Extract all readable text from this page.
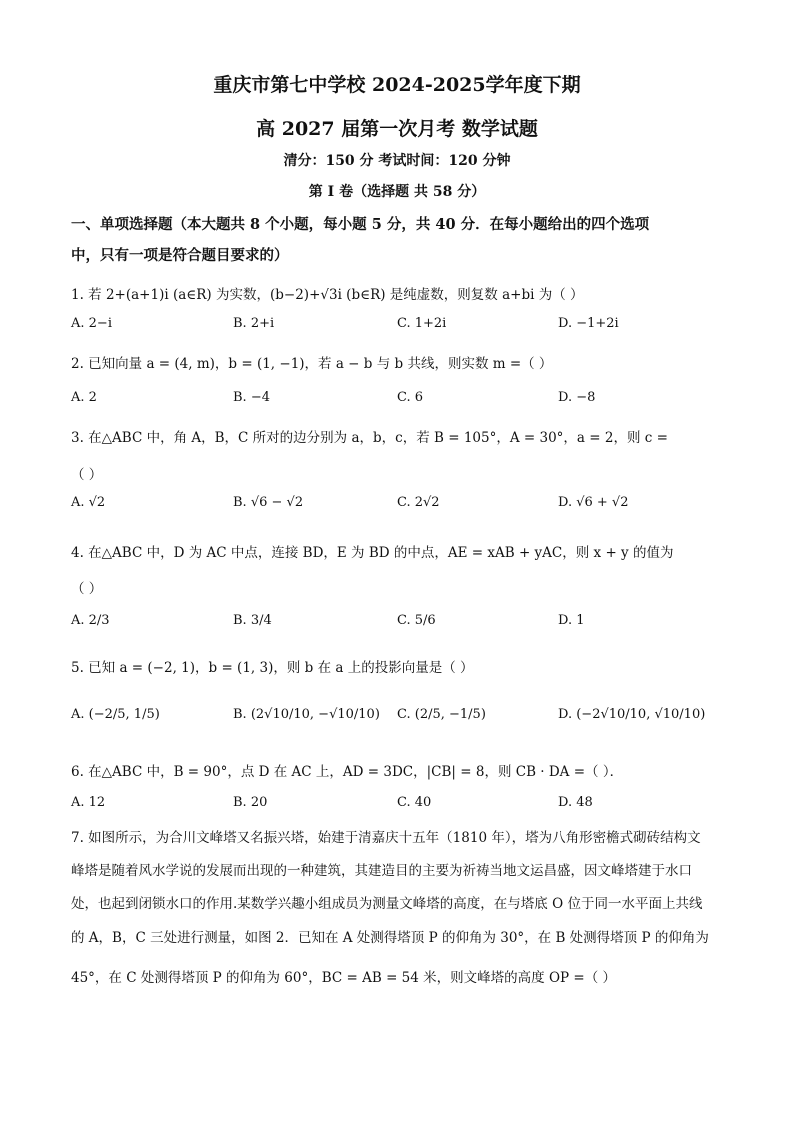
重庆市第七中学校 2024-2025学年度下期
高 2027 届第一次月考 数学试题
清分：150 分 考试时间：120 分钟
第 I 卷（选择题 共 58 分）
一、单项选择题（本大题共 8 个小题，每小题 5 分，共 40 分．在每小题给出的四个选项
中，只有一项是符合题目要求的）
1. 若 2+(a+1)i (a∈R) 为实数，(b−2)+√3i (b∈R) 是纯虚数，则复数 a+bi 为（ ）
A. 2−i	B. 2+i	C. 1+2i	D. −1+2i
2. 已知向量 a = (4, m)，b = (1, −1)，若 a − b 与 b 共线，则实数 m =（ ）
A. 2	B. −4	C. 6	D. −8
3. 在△ABC 中，角 A，B，C 所对的边分别为 a，b，c，若 B = 105°，A = 30°，a = 2，则 c =
（ ）
A. √2	B. √6 − √2	C. 2√2	D. √6 + √2
4. 在△ABC 中，D 为 AC 中点，连接 BD，E 为 BD 的中点，AE = xAB + yAC，则 x + y 的值为
（ ）
A. 2/3	B. 3/4	C. 5/6	D. 1
5. 已知 a = (−2, 1)，b = (1, 3)，则 b 在 a 上的投影向量是（ ）
A. (−2/5, 1/5)	B. (2√10/10, −√10/10) C. (2/5, −1/5)	D. (−2√10/10, √10/10)
6. 在△ABC 中，B = 90°，点 D 在 AC 上，AD = 3DC，|CB| = 8，则 CB · DA =（ ）．
A. 12	B. 20	C. 40	D. 48
7. 如图所示，为合川文峰塔又名振兴塔，始建于清嘉庆十五年（1810 年），塔为八角形密檐式砌砖结构文
峰塔是随着风水学说的发展而出现的一种建筑，其建造目的主要为祈祷当地文运昌盛，因文峰塔建于水口
处，也起到闭锁水口的作用.某数学兴趣小组成员为测量文峰塔的高度，在与塔底 O 位于同一水平面上共线
的 A，B，C 三处进行测量，如图 2．已知在 A 处测得塔顶 P 的仰角为 30°，在 B 处测得塔顶 P 的仰角为
45°，在 C 处测得塔顶 P 的仰角为 60°，BC = AB = 54 米，则文峰塔的高度 OP =（ ）
